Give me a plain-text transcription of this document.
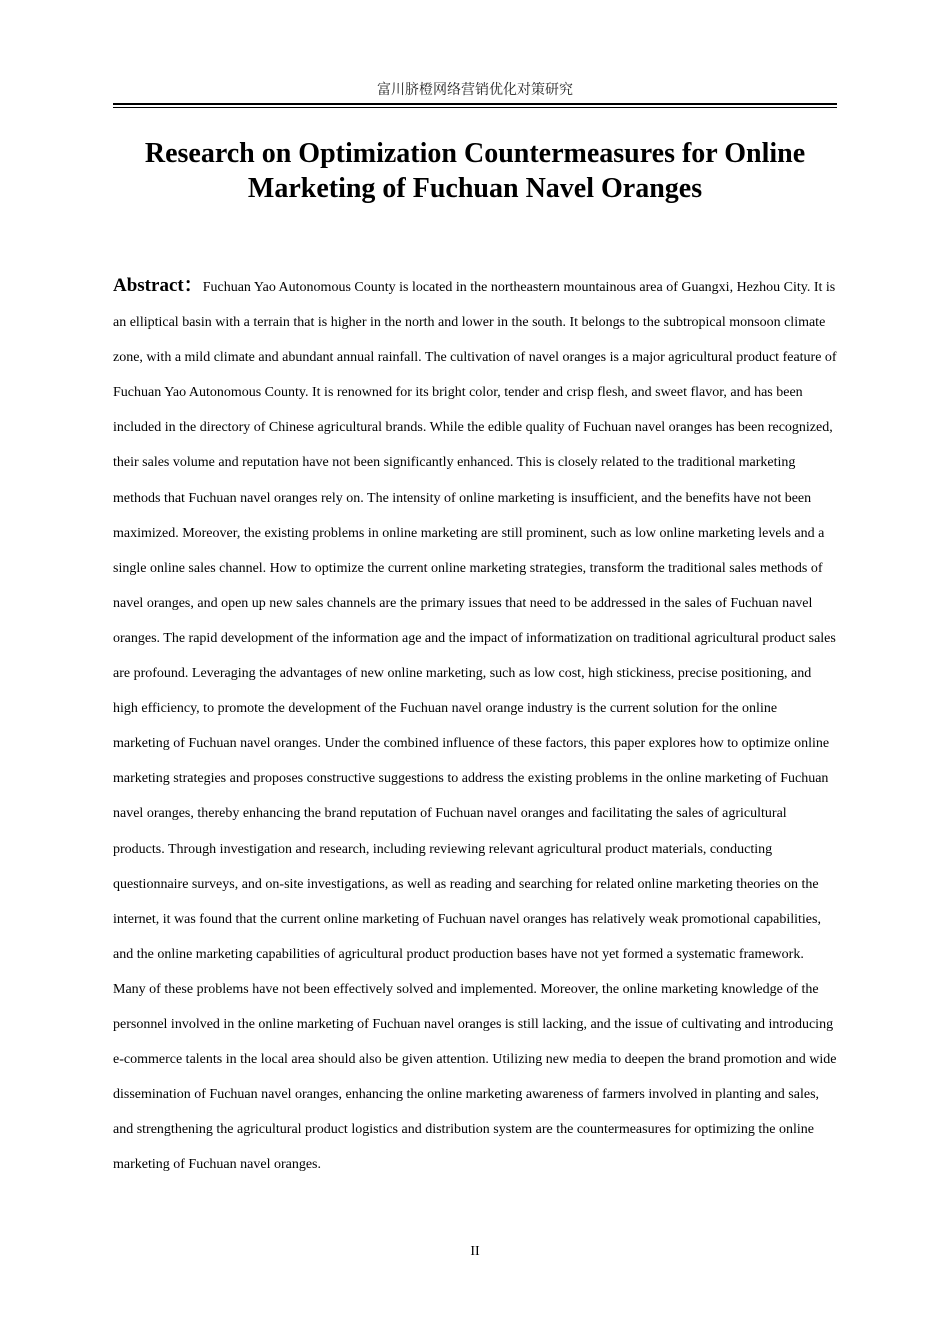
富川脐橙网络营销优化对策研究
Research on Optimization Countermeasures for Online
Marketing of Fuchuan Navel Oranges

Abstract：Fuchuan Yao Autonomous County is located in the northeastern mountainous area of Guangxi, Hezhou City. It is an elliptical basin with a terrain that is higher in the north and lower in the south. It belongs to the subtropical monsoon climate zone, with a mild climate and abundant annual rainfall. The cultivation of navel oranges is a major agricultural product feature of Fuchuan Yao Autonomous County. It is renowned for its bright color, tender and crisp flesh, and sweet flavor, and has been included in the directory of Chinese agricultural brands. While the edible quality of Fuchuan navel oranges has been recognized, their sales volume and reputation have not been significantly enhanced. This is closely related to the traditional marketing methods that Fuchuan navel oranges rely on. The intensity of online marketing is insufficient, and the benefits have not been maximized. Moreover, the existing problems in online marketing are still prominent, such as low online marketing levels and a single online sales channel. How to optimize the current online marketing strategies, transform the traditional sales methods of navel oranges, and open up new sales channels are the primary issues that need to be addressed in the sales of Fuchuan navel oranges. The rapid development of the information age and the impact of informatization on traditional agricultural product sales are profound. Leveraging the advantages of new online marketing, such as low cost, high stickiness, precise positioning, and high efficiency, to promote the development of the Fuchuan navel orange industry is the current solution for the online marketing of Fuchuan navel oranges. Under the combined influence of these factors, this paper explores how to optimize online marketing strategies and proposes constructive suggestions to address the existing problems in the online marketing of Fuchuan navel oranges, thereby enhancing the brand reputation of Fuchuan navel oranges and facilitating the sales of agricultural products. Through investigation and research, including reviewing relevant agricultural product materials, conducting questionnaire surveys, and on-site investigations, as well as reading and searching for related online marketing theories on the internet, it was found that the current online marketing of Fuchuan navel oranges has relatively weak promotional capabilities, and the online marketing capabilities of agricultural product production bases have not yet formed a systematic framework. Many of these problems have not been effectively solved and implemented. Moreover, the online marketing knowledge of the personnel involved in the online marketing of Fuchuan navel oranges is still lacking, and the issue of cultivating and introducing e-commerce talents in the local area should also be given attention. Utilizing new media to deepen the brand promotion and wide dissemination of Fuchuan navel oranges, enhancing the online marketing awareness of farmers involved in planting and sales, and strengthening the agricultural product logistics and distribution system are the countermeasures for optimizing the online marketing of Fuchuan navel oranges.

II
